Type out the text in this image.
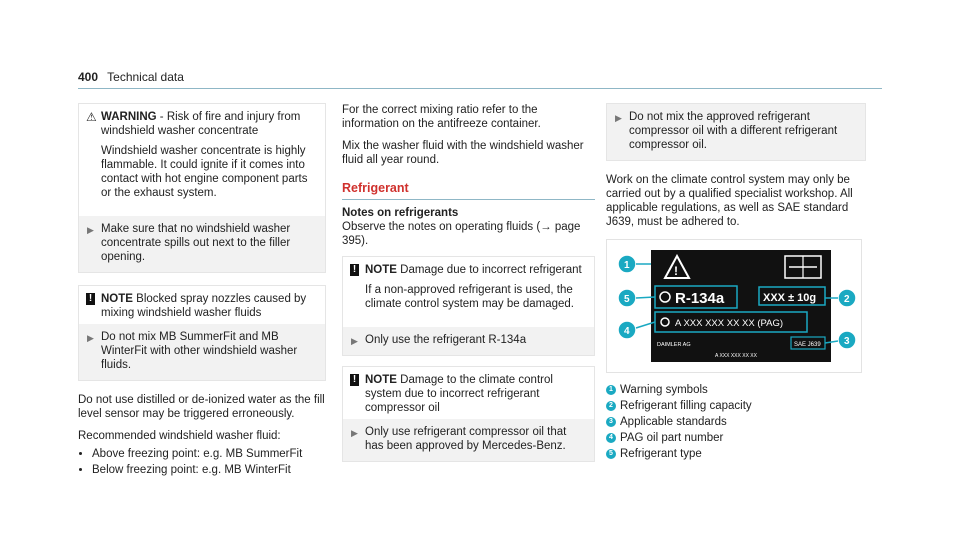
400 Technical data
⚠ WARNING - Risk of fire and injury from windshield washer concentrate

Windshield washer concentrate is highly flammable. It could ignite if it comes into contact with hot engine component parts or the exhaust system.

▶ Make sure that no windshield washer concentrate spills out next to the filler opening.
! NOTE Blocked spray nozzles caused by mixing windshield washer fluids
▶ Do not mix MB SummerFit and MB WinterFit with other windshield washer fluids.

Do not use distilled or de-ionized water as the fill level sensor may be triggered erroneously.

Recommended windshield washer fluid:

• Above freezing point: e.g. MB SummerFit
• Below freezing point: e.g. MB WinterFit

For the correct mixing ratio refer to the information on the antifreeze container.

Mix the washer fluid with the windshield washer fluid all year round.

Refrigerant
Notes on refrigerants

Observe the notes on operating fluids (→ page 395).

! NOTE Damage due to incorrect refrigerant

If a non-approved refrigerant is used, the climate control system may be damaged.

▶ Only use the refrigerant R-134a
! NOTE Damage to the climate control system due to incorrect refrigerant compressor oil
▶ Only use refrigerant compressor oil that has been approved by Mercedes-Benz.
▶ Do not mix the approved refrigerant compressor oil with a different refrigerant compressor oil.

Work on the climate control system may only be carried out by a qualified specialist workshop. All applicable regulations, as well as SAE standard J639, must be adhered to.

!
R-134a	XXX ± 10g
A XXX XXX XX XX (PAG)
DAIMLER AG	SAE J639
A XXX XXX XX XX
1
2
3
4
5
1 Warning symbols
2 Refrigerant filling capacity
3 Applicable standards
4 PAG oil part number
5 Refrigerant type
